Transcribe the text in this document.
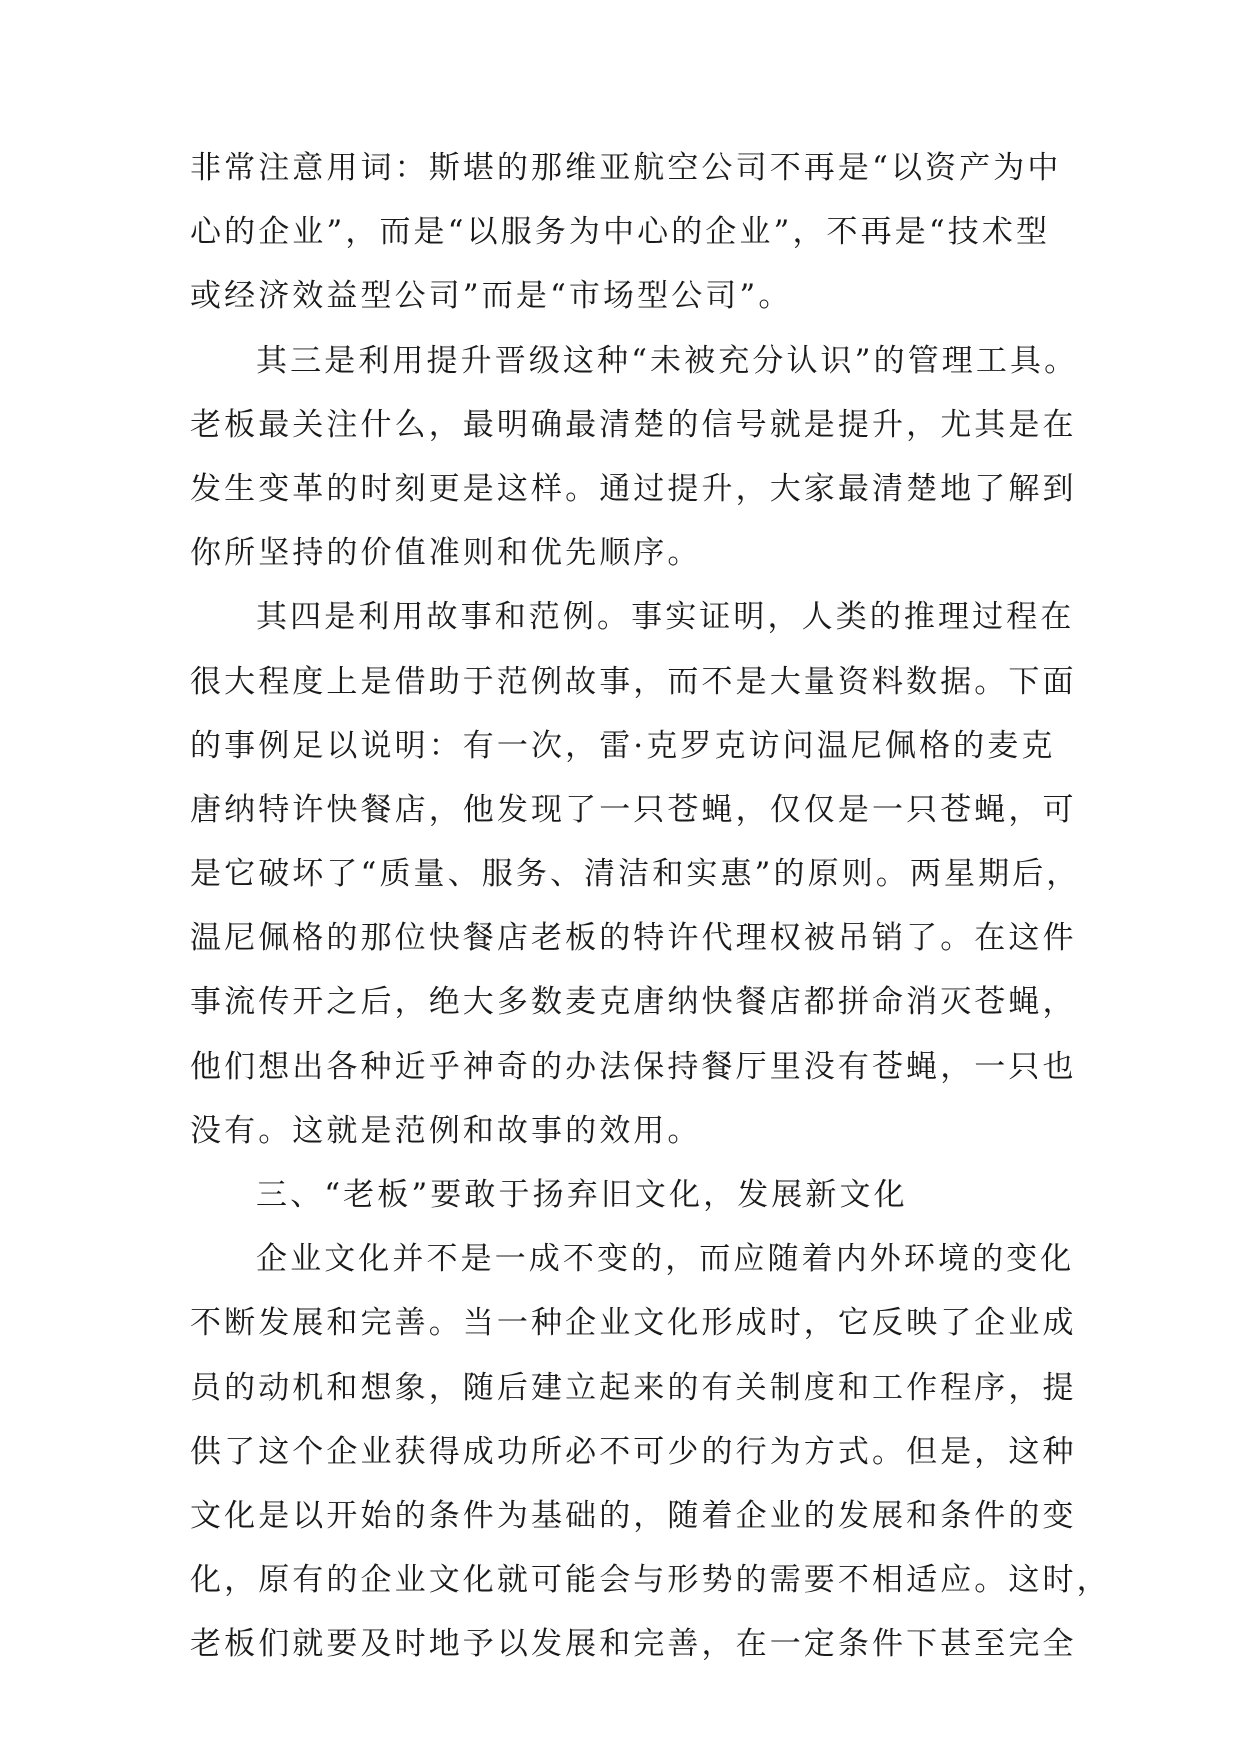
非常注意用词：斯堪的那维亚航空公司不再是“以资产为中
心的企业”，而是“以服务为中心的企业”，不再是“技术型
或经济效益型公司”而是“市场型公司”。
其三是利用提升晋级这种“未被充分认识”的管理工具。
老板最关注什么，最明确最清楚的信号就是提升，尤其是在
发生变革的时刻更是这样。通过提升，大家最清楚地了解到
你所坚持的价值准则和优先顺序。
其四是利用故事和范例。事实证明，人类的推理过程在
很大程度上是借助于范例故事，而不是大量资料数据。下面
的事例足以说明：有一次，雷·克罗克访问温尼佩格的麦克
唐纳特许快餐店，他发现了一只苍蝇，仅仅是一只苍蝇，可
是它破坏了“质量、服务、清洁和实惠”的原则。两星期后，
温尼佩格的那位快餐店老板的特许代理权被吊销了。在这件
事流传开之后，绝大多数麦克唐纳快餐店都拼命消灭苍蝇，
他们想出各种近乎神奇的办法保持餐厅里没有苍蝇，一只也
没有。这就是范例和故事的效用。
三、“老板”要敢于扬弃旧文化，发展新文化
企业文化并不是一成不变的，而应随着内外环境的变化
不断发展和完善。当一种企业文化形成时，它反映了企业成
员的动机和想象，随后建立起来的有关制度和工作程序，提
供了这个企业获得成功所必不可少的行为方式。但是，这种
文化是以开始的条件为基础的，随着企业的发展和条件的变
化，原有的企业文化就可能会与形势的需要不相适应。这时，
老板们就要及时地予以发展和完善，在一定条件下甚至完全
